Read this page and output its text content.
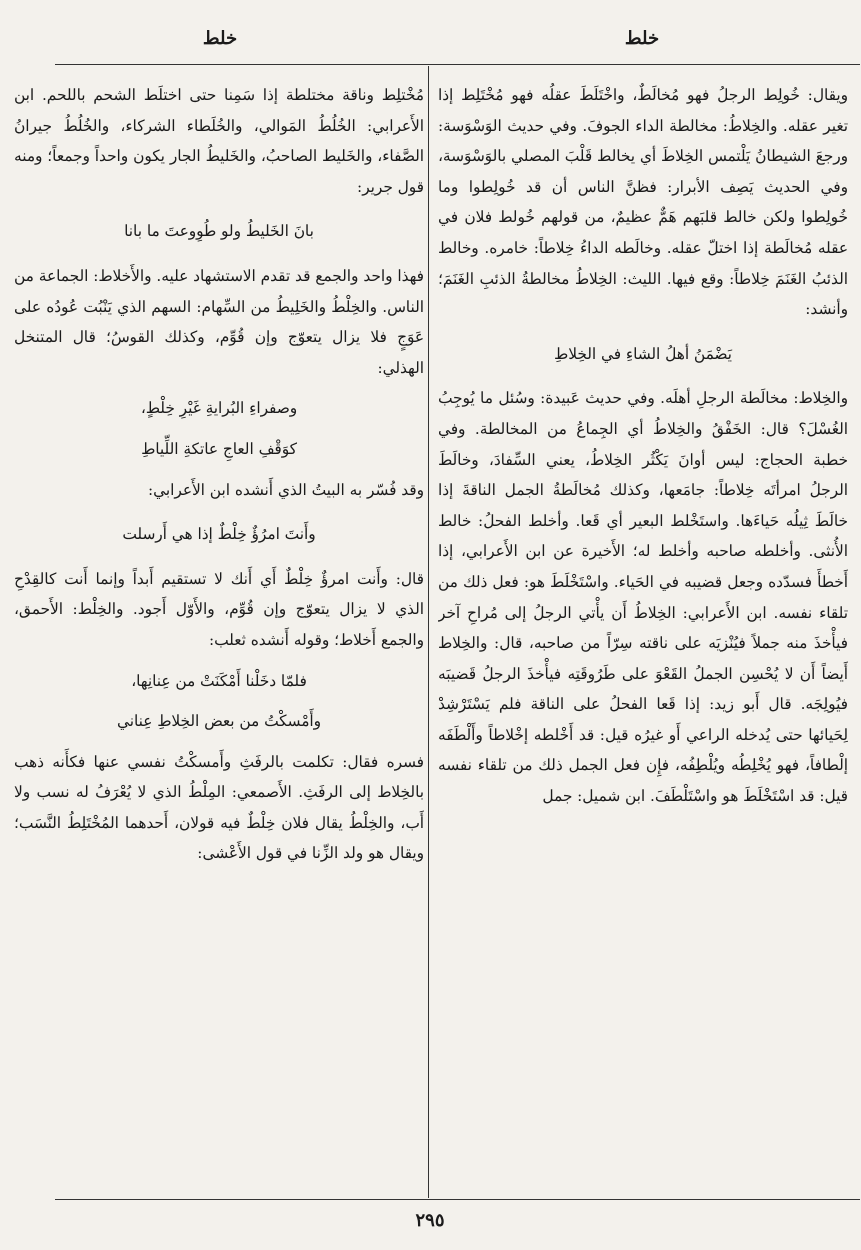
خلط
خلط

ويقال: خُولِط الرجلُ فهو مُخالَطٌ، واخْتَلَطَ عقلُه فهو مُخْتَلِط إذا تغير عقله. والخِلاطُ: مخالطة الداء الجوفَ. وفي حديث الوَسْوَسة: ورجعَ الشيطانُ يَلْتمس الخِلاطَ أي يخالط قَلْبَ المصلي بالوَسْوَسة، وفي الحديث يَصِف الأبرار: فظنَّ الناس أن قد خُولِطوا وما خُولِطوا ولكن خالط قلبَهم هَمٌّ عظيمٌ، من قولهم خُولط فلان في عقله مُخالَطة إذا اختلّ عقله. وخالَطه الداءُ خِلاطاً: خامره. وخالط الذئبُ الغَنَمَ خِلاطاً: وقع فيها. الليث: الخِلاطُ مخالطةُ الذئبِ الغَنَمَ؛ وأنشد:

يَضْمَنُ أهلُ الشاءِ في الخِلاطِ

والخِلاط: مخالَطة الرجلِ أهلَه. وفي حديث عَبيدة: وسُئل ما يُوجِبُ الغُسْلَ؟ قال: الخَفْقُ والخِلاطُ أي الجِماعُ من المخالطة. وفي خطبة الحجاج: ليس أوانَ يَكْثُر الخِلاطُ، يعني السِّفادَ، وخالَطَ الرجلُ امرأتَه خِلاطاً: جامَعها، وكذلك مُخالَطةُ الجمل الناقةَ إذا خالَطَ ثِيلُه حَياءَها. واستَخْلط البعير أي قَعا. وأخلط الفحلُ: خالط الأُنثى. وأخلطه صاحبه وأخلط له؛ الأَخيرة عن ابن الأَعرابي، إذا أَخطأَ فسدّده وجعل قضيبه في الحَياء. واسْتَخْلَطَ هو: فعل ذلك من تلقاء نفسه. ابن الأَعرابي: الخِلاطُ أَن يأْتي الرجلُ إلى مُراحِ آخر فيأْخذَ منه جملاً فيُنْزيَه على ناقته سِرّاً من صاحبه، قال: والخِلاط أَيضاً أَن لا يُحْسِن الجملُ القَعْوَ على طَرُوقَتِه فيأْخذَ الرجلُ قَضيبَه فيُولِجَه. قال أَبو زيد: إذا قَعا الفحلُ على الناقة فلم يَسْتَرْشِدْ لِحَيائها حتى يُدخله الراعي أَو غيرُه قيل: قد أَخْلطه إخْلاطاً وأَلْطَفَه إلْطافاً، فهو يُخْلِطُه ويُلْطِفُه، فإِن فعل الجمل ذلك من تلقاء نفسه قيل: قد اسْتَخْلَطَ هو واسْتَلْطَفَ. ابن شميل: جمل

مُخْتلِط وناقة مختلطة إذا سَمِنا حتى اختلَط الشحم باللحم. ابن الأَعرابي: الخُلُطُ المَوالي، والخُلَطاء الشركاء، والخُلُطُ جيرانُ الصَّفاء، والخَليط الصاحبُ، والخَليطُ الجار يكون واحداً وجمعاً؛ ومنه قول جرير:

بانَ الخَليطُ ولو طُوِوعتَ ما بانا

فهذا واحد والجمع قد تقدم الاستشهاد عليه. والأَخلاط: الجماعة من الناس. والخِلْطُ والخَلِيطُ من السِّهام: السهم الذي يَنْبُت عُودُه على عَوَجٍ فلا يزال يتعوّج وإن قُوِّم، وكذلك القوسُ؛ قال المتنخل الهذلي:

وصفراءِ البُرايةِ غَيْرِ خِلْطٍ،

كوَقْفِ العاجِ عاتكةِ اللِّياطِ

وقد فُسّر به البيتُ الذي أَنشده ابن الأَعرابي:

وأَنتَ امرُؤٌ خِلْطٌ إذا هي أَرسلت

قال: وأَنت امرؤٌ خِلْطٌ أَي أَنك لا تستقيم أَبداً وإنما أَنت كالقِدْحِ الذي لا يزال يتعوّج وإن قُوِّم، والأَوّل أَجود. والخِلْط: الأَحمق، والجمع أَخلاط؛ وقوله أَنشده ثعلب:

فلمّا دخَلْنا أَمْكَنَتْ من عِنانِها،

وأَمْسكْتُ من بعض الخِلاطِ عِناني

فسره فقال: تكلمت بالرفَثِ وأَمسكْتُ نفسي عنها فكأَنه ذهب بالخِلاط إلى الرفَثِ. الأَصمعي: المِلْطُ الذي لا يُعْرَفُ له نسب ولا أَب، والخِلْطُ يقال فلان خِلْطٌ فيه قولان، أَحدهما المُخْتَلِطُ النَّسَب؛ ويقال هو ولد الزِّنا في قول الأَعْشى:

٢٩٥
